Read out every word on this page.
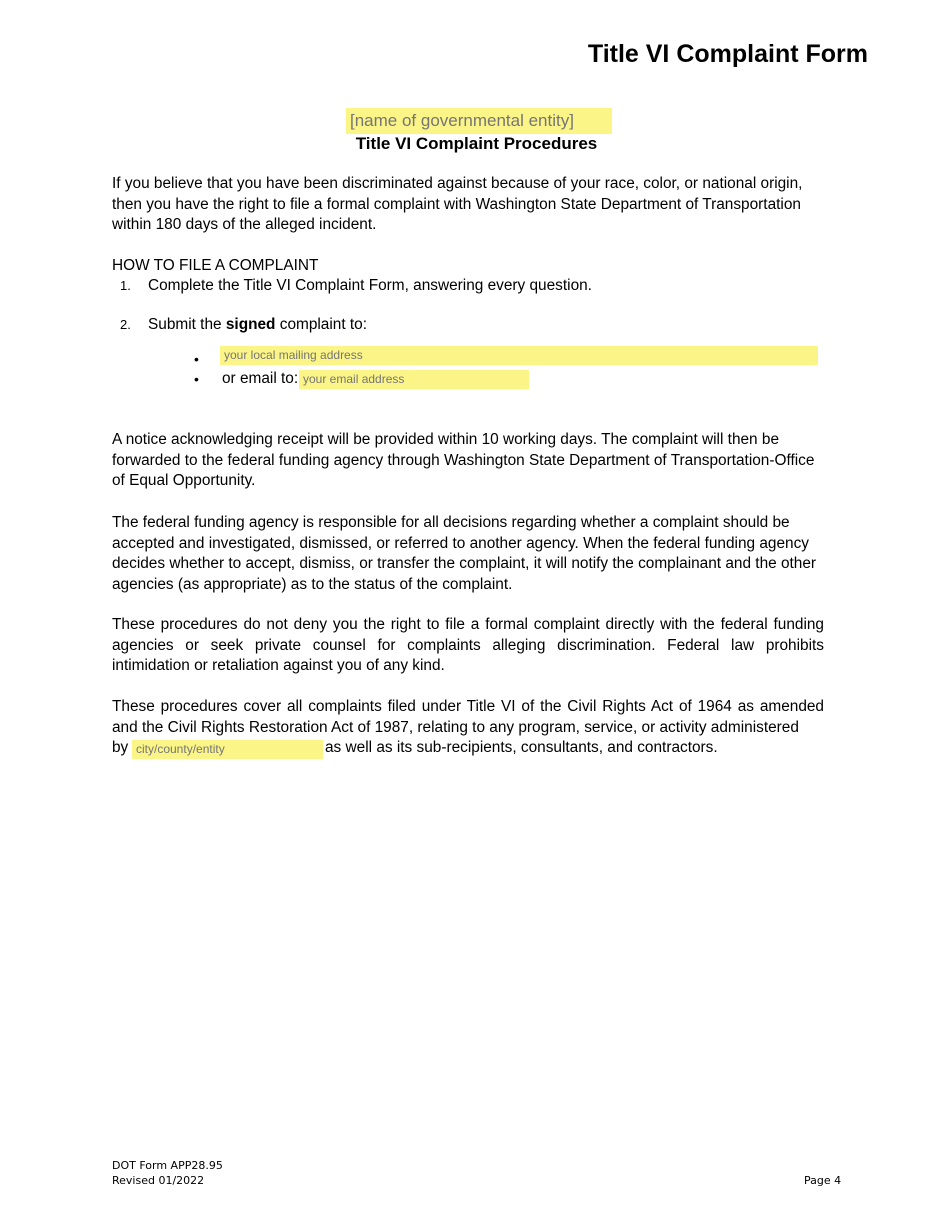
Title VI Complaint Form
[name of governmental entity]
Title VI Complaint Procedures

If you believe that you have been discriminated against because of your race, color, or national origin, then you have the right to file a formal complaint with Washington State Department of Transportation within 180 days of the alleged incident.

HOW TO FILE A COMPLAINT

1. Complete the Title VI Complaint Form, answering every question.
2. Submit the signed complaint to:
•
your local mailing address
• or email to:
your email address

A notice acknowledging receipt will be provided within 10 working days. The complaint will then be forwarded to the federal funding agency through Washington State Department of Transportation-Office of Equal Opportunity.

The federal funding agency is responsible for all decisions regarding whether a complaint should be accepted and investigated, dismissed, or referred to another agency. When the federal funding agency decides whether to accept, dismiss, or transfer the complaint, it will notify the complainant and the other agencies (as appropriate) as to the status of the complaint.

These procedures do not deny you the right to file a formal complaint directly with the federal funding agencies or seek private counsel for complaints alleging discrimination. Federal law prohibits intimidation or retaliation against you of any kind.

These procedures cover all complaints filed under Title VI of the Civil Rights Act of 1964 as amended and the Civil Rights Restoration Act of 1987, relating to any program, service, or activity administered

by
city/county/entity	as well as its sub-recipients, consultants, and contractors.
DOT Form APP28.95
Revised 01/2022	Page 4
